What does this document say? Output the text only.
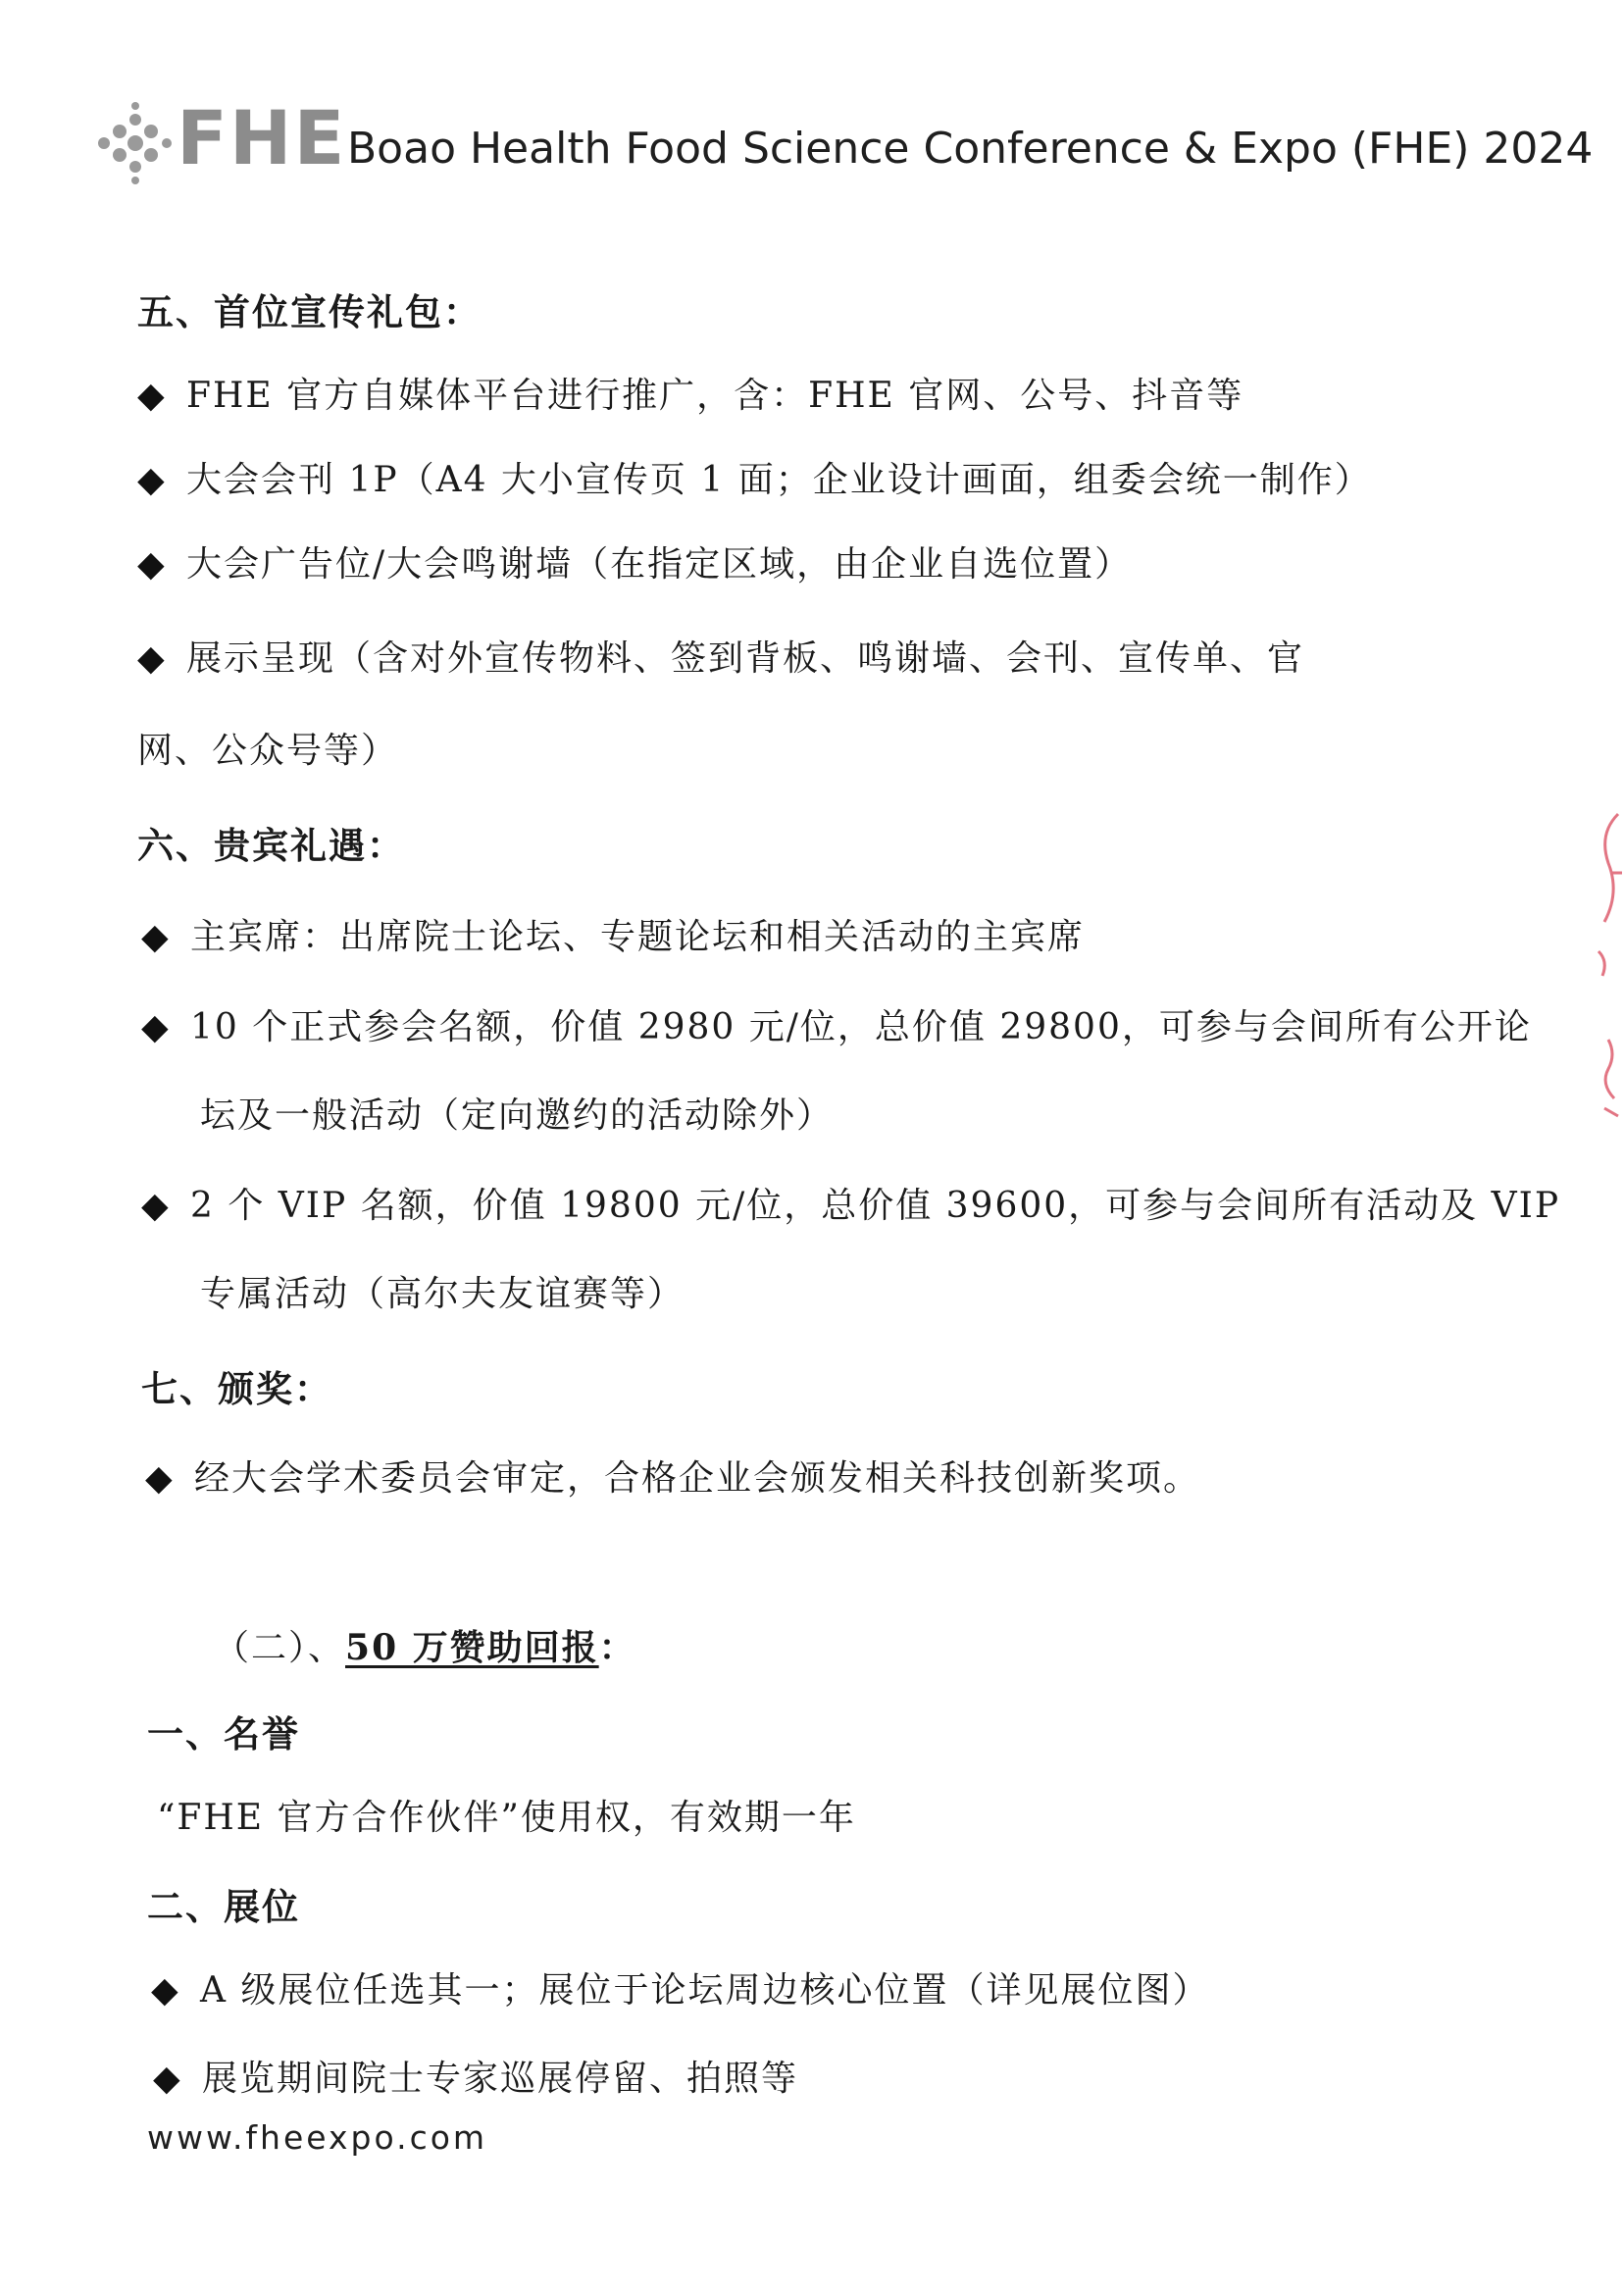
FHE Boao Health Food Science Conference & Expo (FHE) 2024
五、首位宣传礼包：
◆ FHE 官方自媒体平台进行推广，含：FHE 官网、公号、抖音等
◆ 大会会刊 1P（A4 大小宣传页 1 面；企业设计画面，组委会统一制作）
◆ 大会广告位/大会鸣谢墙（在指定区域，由企业自选位置）
◆ 展示呈现（含对外宣传物料、签到背板、鸣谢墙、会刊、宣传单、官
网、公众号等）
六、贵宾礼遇：
◆ 主宾席：出席院士论坛、专题论坛和相关活动的主宾席
◆ 10 个正式参会名额，价值 2980 元/位，总价值 29800，可参与会间所有公开论
坛及一般活动（定向邀约的活动除外）
◆ 2 个 VIP 名额，价值 19800 元/位，总价值 39600，可参与会间所有活动及 VIP
专属活动（高尔夫友谊赛等）
七、颁奖：
◆ 经大会学术委员会审定，合格企业会颁发相关科技创新奖项。
（二）、50 万赞助回报：
一、名誉
“FHE 官方合作伙伴”使用权，有效期一年
二、展位
◆ A 级展位任选其一；展位于论坛周边核心位置（详见展位图）
◆ 展览期间院士专家巡展停留、拍照等
www.fheexpo.com
